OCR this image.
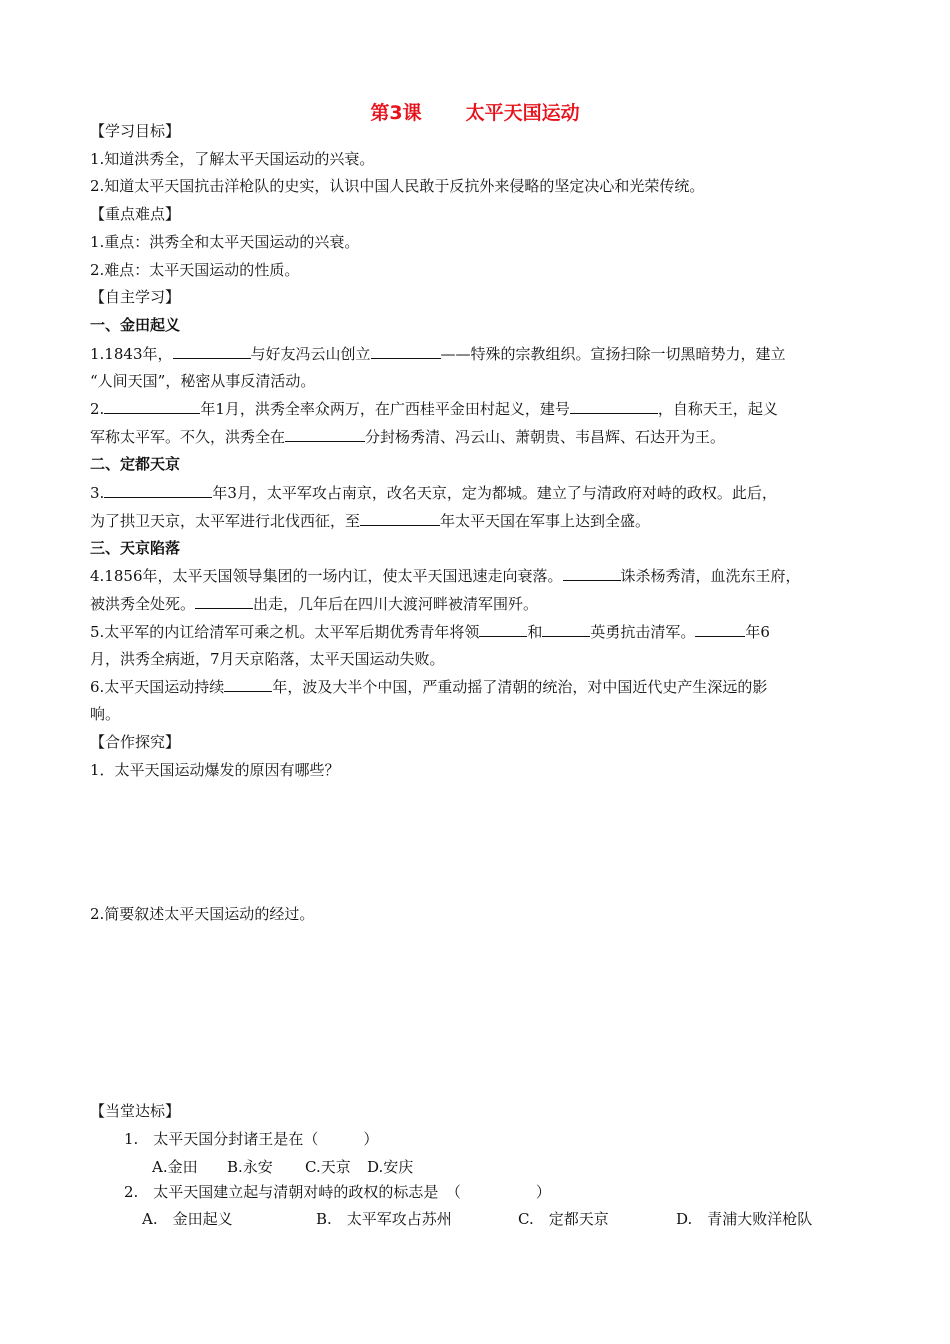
第3课 太平天国运动
【学习目标】
1.知道洪秀全，了解太平天国运动的兴衰。
2.知道太平天国抗击洋枪队的史实，认识中国人民敢于反抗外来侵略的坚定决心和光荣传统。
【重点难点】
1.重点：洪秀全和太平天国运动的兴衰。
2.难点：太平天国运动的性质。
【自主学习】
一、金田起义
1.1843年，	与好友冯云山创立	——特殊的宗教组织。宣扬扫除一切黑暗势力，建立
“人间天国”，秘密从事反清活动。
2.	年1月，洪秀全率众两万，在广西桂平金田村起义，建号	，自称天王，起义
军称太平军。不久，洪秀全在	分封杨秀清、冯云山、萧朝贵、韦昌辉、石达开为王。
二、定都天京
3.	年3月，太平军攻占南京，改名天京，定为都城。建立了与清政府对峙的政权。此后，
为了拱卫天京，太平军进行北伐西征，至	年太平天国在军事上达到全盛。
三、天京陷落
4.1856年，太平天国领导集团的一场内讧，使太平天国迅速走向衰落。	诛杀杨秀清，血洗东王府，
被洪秀全处死。	出走，几年后在四川大渡河畔被清军围歼。
5.太平军的内讧给清军可乘之机。太平军后期优秀青年将领	和	英勇抗击清军。	年6
月，洪秀全病逝，7月天京陷落，太平天国运动失败。
6.太平天国运动持续	年，波及大半个中国，严重动摇了清朝的统治，对中国近代史产生深远的影
响。
【合作探究】
1．太平天国运动爆发的原因有哪些？
2.简要叙述太平天国运动的经过。
【当堂达标】
1.　太平天国分封诸王是在（　　　）
A.金田 B.永安 C.天京 D.安庆
2.　太平天国建立起与清朝对峙的政权的标志是　（　　　　　）
A.　金田起义	B.　太平军攻占苏州	C.　定都天京	D.　青浦大败洋枪队
